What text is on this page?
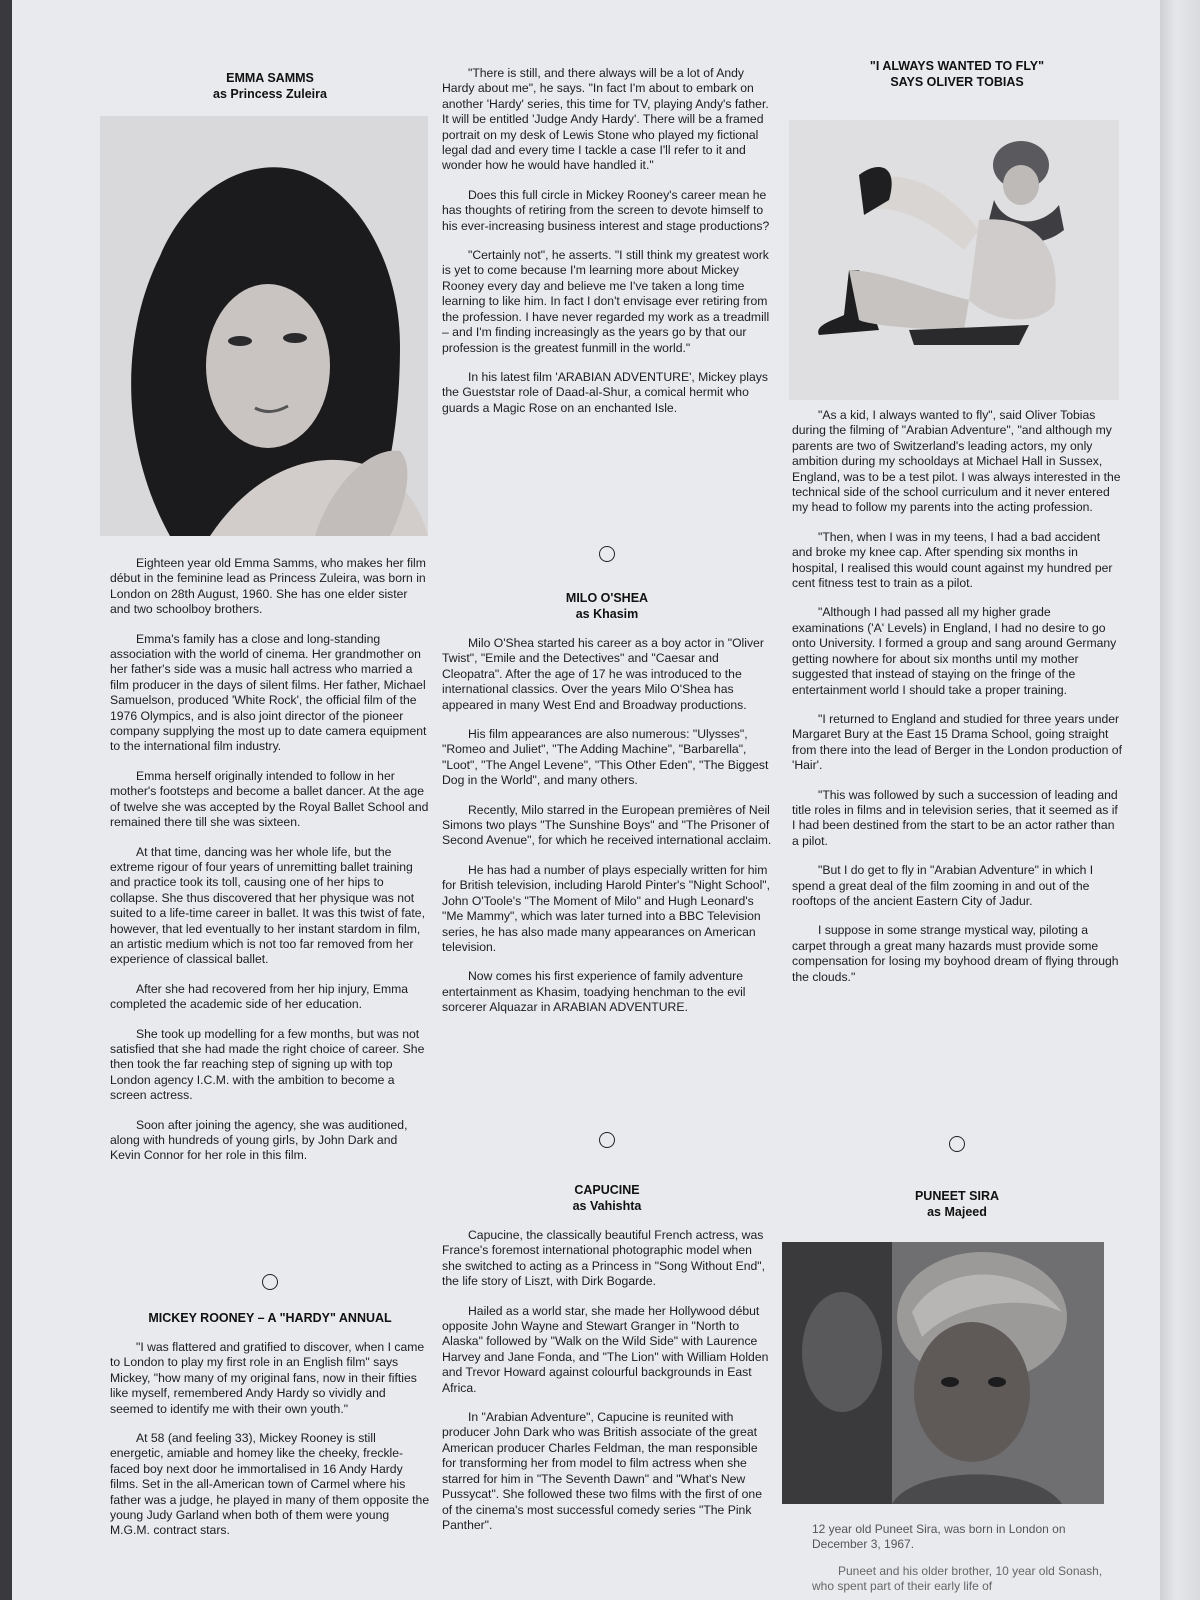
EMMA SAMMS
as Princess Zuleira

Eighteen year old Emma Samms, who makes her film début in the feminine lead as Princess Zuleira, was born in London on 28th August, 1960. She has one elder sister and two schoolboy brothers.

Emma's family has a close and long-standing association with the world of cinema. Her grandmother on her father's side was a music hall actress who married a film producer in the days of silent films. Her father, Michael Samuelson, produced 'White Rock', the official film of the 1976 Olympics, and is also joint director of the pioneer company supplying the most up to date camera equipment to the international film industry.

Emma herself originally intended to follow in her mother's footsteps and become a ballet dancer. At the age of twelve she was accepted by the Royal Ballet School and remained there till she was sixteen.

At that time, dancing was her whole life, but the extreme rigour of four years of unremitting ballet training and practice took its toll, causing one of her hips to collapse. She thus discovered that her physique was not suited to a life-time career in ballet. It was this twist of fate, however, that led eventually to her instant stardom in film, an artistic medium which is not too far removed from her experience of classical ballet.

After she had recovered from her hip injury, Emma completed the academic side of her education.

She took up modelling for a few months, but was not satisfied that she had made the right choice of career. She then took the far reaching step of signing up with top London agency I.C.M. with the ambition to become a screen actress.

Soon after joining the agency, she was auditioned, along with hundreds of young girls, by John Dark and Kevin Connor for her role in this film.

MICKEY ROONEY – A "HARDY" ANNUAL

"I was flattered and gratified to discover, when I came to London to play my first role in an English film" says Mickey, "how many of my original fans, now in their fifties like myself, remembered Andy Hardy so vividly and seemed to identify me with their own youth."

At 58 (and feeling 33), Mickey Rooney is still energetic, amiable and homey like the cheeky, freckle-faced boy next door he immortalised in 16 Andy Hardy films. Set in the all-American town of Carmel where his father was a judge, he played in many of them opposite the young Judy Garland when both of them were young M.G.M. contract stars.

"There is still, and there always will be a lot of Andy Hardy about me", he says. "In fact I'm about to embark on another 'Hardy' series, this time for TV, playing Andy's father. It will be entitled 'Judge Andy Hardy'. There will be a framed portrait on my desk of Lewis Stone who played my fictional legal dad and every time I tackle a case I'll refer to it and wonder how he would have handled it."

Does this full circle in Mickey Rooney's career mean he has thoughts of retiring from the screen to devote himself to his ever-increasing business interest and stage productions?

"Certainly not", he asserts. "I still think my greatest work is yet to come because I'm learning more about Mickey Rooney every day and believe me I've taken a long time learning to like him. In fact I don't envisage ever retiring from the profession. I have never regarded my work as a treadmill – and I'm finding increasingly as the years go by that our profession is the greatest funmill in the world."

In his latest film 'ARABIAN ADVENTURE', Mickey plays the Gueststar role of Daad-al-Shur, a comical hermit who guards a Magic Rose on an enchanted Isle.

MILO O'SHEA
as Khasim

Milo O'Shea started his career as a boy actor in "Oliver Twist", "Emile and the Detectives" and "Caesar and Cleopatra". After the age of 17 he was introduced to the international classics. Over the years Milo O'Shea has appeared in many West End and Broadway productions.

His film appearances are also numerous: "Ulysses", "Romeo and Juliet", "The Adding Machine", "Barbarella", "Loot", "The Angel Levene", "This Other Eden", "The Biggest Dog in the World", and many others.

Recently, Milo starred in the European premières of Neil Simons two plays "The Sunshine Boys" and "The Prisoner of Second Avenue", for which he received international acclaim.

He has had a number of plays especially written for him for British television, including Harold Pinter's "Night School", John O'Toole's "The Moment of Milo" and Hugh Leonard's "Me Mammy", which was later turned into a BBC Television series, he has also made many appearances on American television.

Now comes his first experience of family adventure entertainment as Khasim, toadying henchman to the evil sorcerer Alquazar in ARABIAN ADVENTURE.

CAPUCINE
as Vahishta

Capucine, the classically beautiful French actress, was France's foremost international photographic model when she switched to acting as a Princess in "Song Without End", the life story of Liszt, with Dirk Bogarde.

Hailed as a world star, she made her Hollywood début opposite John Wayne and Stewart Granger in "North to Alaska" followed by "Walk on the Wild Side" with Laurence Harvey and Jane Fonda, and "The Lion" with William Holden and Trevor Howard against colourful backgrounds in East Africa.

In "Arabian Adventure", Capucine is reunited with producer John Dark who was British associate of the great American producer Charles Feldman, the man responsible for transforming her from model to film actress when she starred for him in "The Seventh Dawn" and "What's New Pussycat". She followed these two films with the first of one of the cinema's most successful comedy series "The Pink Panther".

"I ALWAYS WANTED TO FLY"
SAYS OLIVER TOBIAS

"As a kid, I always wanted to fly", said Oliver Tobias during the filming of "Arabian Adventure", "and although my parents are two of Switzerland's leading actors, my only ambition during my schooldays at Michael Hall in Sussex, England, was to be a test pilot. I was always interested in the technical side of the school curriculum and it never entered my head to follow my parents into the acting profession.

"Then, when I was in my teens, I had a bad accident and broke my knee cap. After spending six months in hospital, I realised this would count against my hundred per cent fitness test to train as a pilot.

"Although I had passed all my higher grade examinations ('A' Levels) in England, I had no desire to go onto University. I formed a group and sang around Germany getting nowhere for about six months until my mother suggested that instead of staying on the fringe of the entertainment world I should take a proper training.

"I returned to England and studied for three years under Margaret Bury at the East 15 Drama School, going straight from there into the lead of Berger in the London production of 'Hair'.

"This was followed by such a succession of leading and title roles in films and in television series, that it seemed as if I had been destined from the start to be an actor rather than a pilot.

"But I do get to fly in "Arabian Adventure" in which I spend a great deal of the film zooming in and out of the rooftops of the ancient Eastern City of Jadur.

I suppose in some strange mystical way, piloting a carpet through a great many hazards must provide some compensation for losing my boyhood dream of flying through the clouds."

PUNEET SIRA
as Majeed
12 year old Puneet Sira, was born in London on December 3, 1967.

Puneet and his older brother, 10 year old Sonash, who spent part of their early life of
